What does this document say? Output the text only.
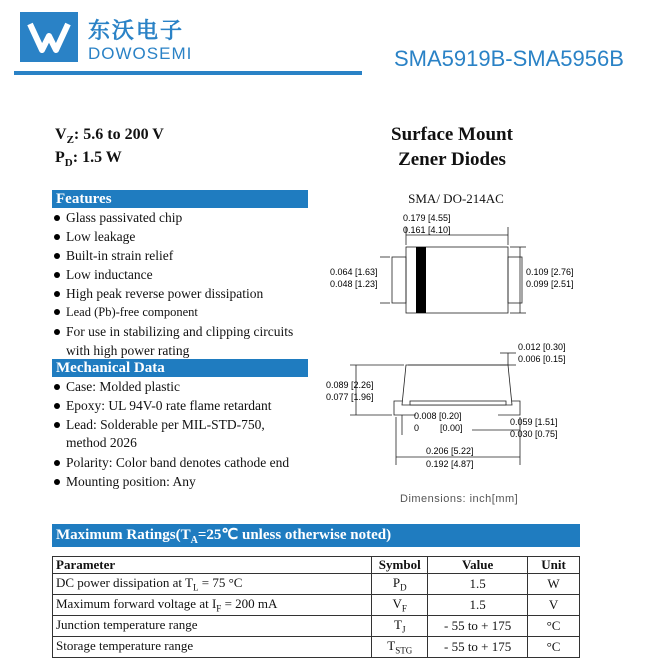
东沃电子
DOWOSEMI	SMA5919B-SMA5956B
$V_Z$: 5.6 to 200 V
$P_D$: 1.5 W
Surface Mount
Zener Diodes
Features
Glass passivated chip
Low leakage
Built-in strain relief
Low inductance
High peak reverse power dissipation
Lead (Pb)-free component
For use in stabilizing and clipping circuits
with high power rating
Mechanical Data
Case: Molded plastic
Epoxy: UL 94V-0 rate flame retardant
Lead: Solderable per MIL-STD-750,
method 2026
Polarity: Color band denotes cathode end
Mounting position: Any
SMA/ DO-214AC
0.179 [4.55]
0.161 [4.10]
0.064 [1.63]
0.048 [1.23]
0.109 [2.76]
0.099 [2.51]
0.012 [0.30]
0.006 [0.15]
0.089 [2.26]
0.077 [1.96]
0.008 [0.20]
0 [0.00]
0.059 [1.51]
0.030 [0.75]
0.206 [5.22]
0.192 [4.87]
Dimensions: inch[mm]
Maximum $Ratings(T_A=25℃$ unless otherwise noted)
Parameter	Symbol	Value	Unit
DC power dissipation at $T_L = 75$ °C	$P_D$	1.5	W
Maximum forward voltage at $I_F = 200$ mA	$V_F$	1.5	V
Junction temperature range	$T_J$	- 55 to + 175	°C
Storage temperature range	$T_{STG}$	- 55 to + 175	°C
